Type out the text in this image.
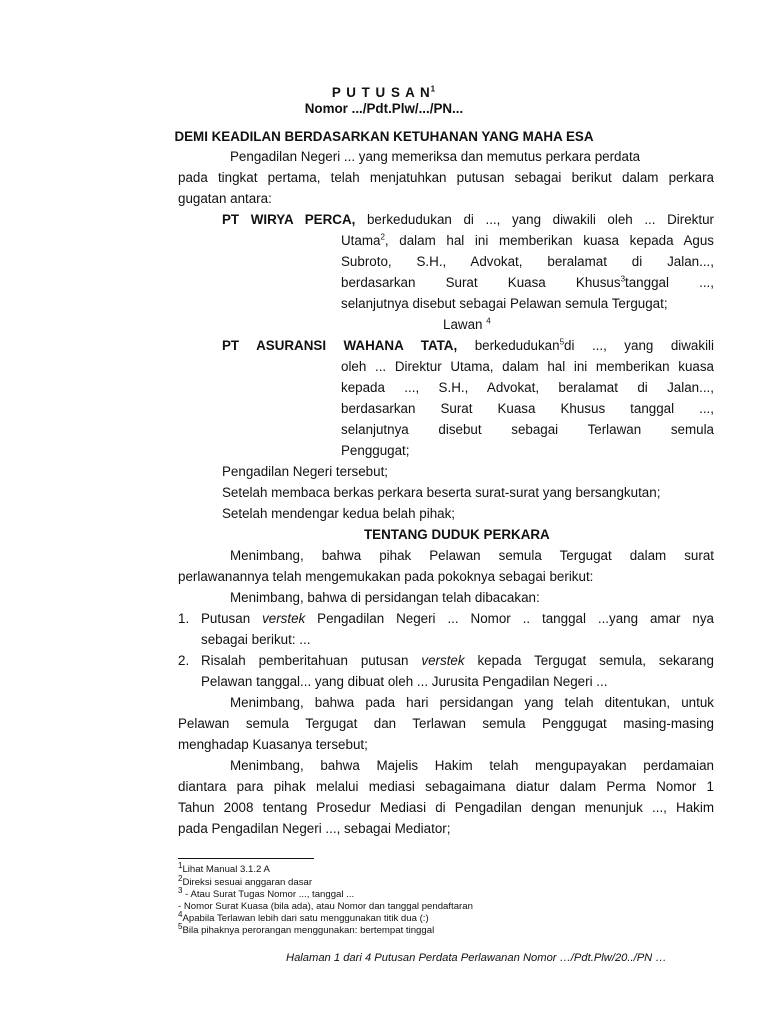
P U T U S A $N^1$
Nomor .../Pdt.Plw/.../PN...
DEMI KEADILAN BERDASARKAN KETUHANAN YANG MAHA ESA
Pengadilan Negeri ... yang memeriksa dan memutus perkara perdata
pada tingkat pertama, telah menjatuhkan putusan sebagai berikut dalam perkara
gugatan antara:
PT WIRYA PERCA, berkedudukan di ..., yang diwakili oleh ... Direktur
Utama$^2$, dalam hal ini memberikan kuasa kepada Agus
Subroto, S.H., Advokat, beralamat di Jalan...,
berdasarkan Surat Kuasa Khusus$^3$tanggal ...,
selanjutnya disebut sebagai Pelawan semula Tergugat;
Lawan $^4$
PT ASURANSI WAHANA TATA, berkedudukan$^5$di ..., yang diwakili
oleh ... Direktur Utama, dalam hal ini memberikan kuasa
kepada ..., S.H., Advokat, beralamat di Jalan...,
berdasarkan Surat Kuasa Khusus tanggal ...,
selanjutnya disebut sebagai Terlawan semula
Penggugat;
Pengadilan Negeri tersebut;
Setelah membaca berkas perkara beserta surat-surat yang bersangkutan;
Setelah mendengar kedua belah pihak;
TENTANG DUDUK PERKARA
Menimbang, bahwa pihak Pelawan semula Tergugat dalam surat
perlawanannya telah mengemukakan pada pokoknya sebagai berikut:
Menimbang, bahwa di persidangan telah dibacakan:
1. Putusan verstek Pengadilan Negeri ... Nomor .. tanggal ...yang amar nya
sebagai berikut: ...
2. Risalah pemberitahuan putusan verstek kepada Tergugat semula, sekarang
Pelawan tanggal... yang dibuat oleh ... Jurusita Pengadilan Negeri ...
Menimbang, bahwa pada hari persidangan yang telah ditentukan, untuk
Pelawan semula Tergugat dan Terlawan semula Penggugat masing-masing
menghadap Kuasanya tersebut;
Menimbang, bahwa Majelis Hakim telah mengupayakan perdamaian
diantara para pihak melalui mediasi sebagaimana diatur dalam Perma Nomor 1
Tahun 2008 tentang Prosedur Mediasi di Pengadilan dengan menunjuk ..., Hakim
pada Pengadilan Negeri ..., sebagai Mediator;
$^1$Lihat Manual 3.1.2 A
$^2$Direksi sesuai anggaran dasar
$^3$ - Atau Surat Tugas Nomor ..., tanggal ...
- Nomor Surat Kuasa (bila ada), atau Nomor dan tanggal pendaftaran
$^4$Apabila Terlawan lebih dari satu menggunakan titik dua (:)
$^5$Bila pihaknya perorangan menggunakan: bertempat tinggal
Halaman 1 dari 4 Putusan Perdata Perlawanan Nomor …/Pdt.Plw/20../PN …
